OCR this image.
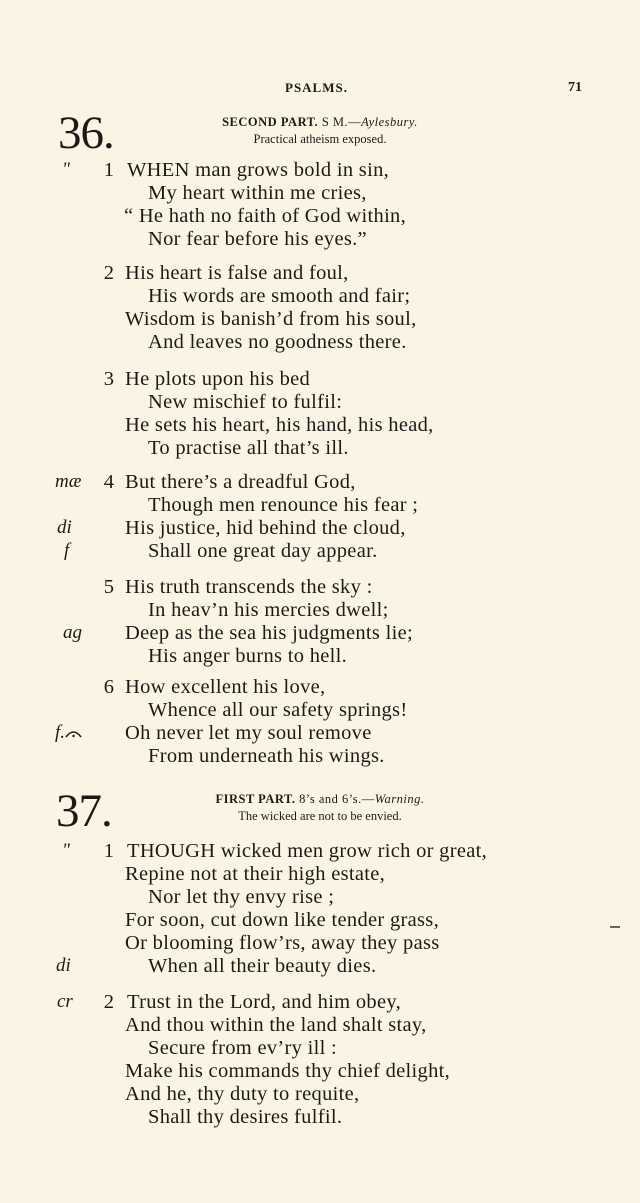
PSALMS.	71
36.	SECOND PART. S M.—Aylesbury.
Practical atheism exposed.
" 1 WHEN man grows bold in sin,
My heart within me cries,
“ He hath no faith of God within,
Nor fear before his eyes.”
2 His heart is false and foul,
His words are smooth and fair;
Wisdom is banish’d from his soul,
And leaves no goodness there.
3 He plots upon his bed
New mischief to fulfil:
He sets his heart, his hand, his head,
To practise all that’s ill.
mæ 4 But there’s a dreadful God,
Though men renounce his fear ;
di	His justice, hid behind the cloud,
f	Shall one great day appear.
5 His truth transcends the sky :
In heav’n his mercies dwell;
ag Deep as the sea his judgments lie;
His anger burns to hell.
6 How excellent his love,
Whence all our safety springs!
f.	Oh never let my soul remove
From underneath his wings.
37.	FIRST PART. 8’s and 6’s.—Warning.
The wicked are not to be envied.
" 1 THOUGH wicked men grow rich or great,
Repine not at their high estate,
Nor let thy envy rise ;
For soon, cut down like tender grass,
Or blooming flow’rs, away they pass
di	When all their beauty dies.
cr 2 Trust in the Lord, and him obey,
And thou within the land shalt stay,
Secure from ev’ry ill :
Make his commands thy chief delight,
And he, thy duty to requite,
Shall thy desires fulfil.
